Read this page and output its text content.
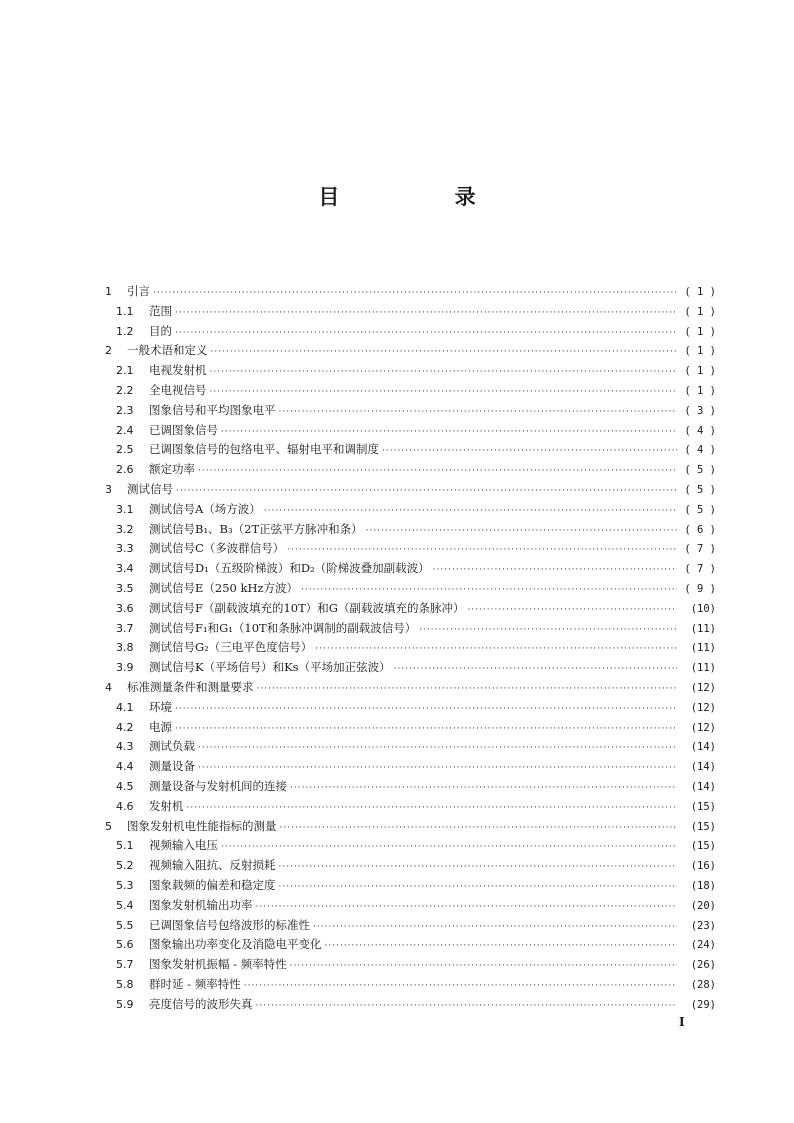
目 录
1	引言 ·····	( 1 )
1.1	范围 ·····	( 1 )
1.2	目的 ·····	( 1 )
2	一般术语和定义 ·····	( 1 )
2.1	电视发射机 ·····	( 1 )
2.2	全电视信号 ·····	( 1 )
2.3	图象信号和平均图象电平 ·····	( 3 )
2.4	已调图象信号 ·····	( 4 )
2.5	已调图象信号的包络电平、辐射电平和调制度 ·····	( 4 )
2.6	额定功率 ·····	( 5 )
3	测试信号 ·····	( 5 )
3.1	测试信号A（场方波） ·····	( 5 )
3.2	测试信号B₁、B₃（2T正弦平方脉冲和条） ·····	( 6 )
3.3	测试信号C（多波群信号） ·····	( 7 )
3.4	测试信号D₁（五级阶梯波）和D₂（阶梯波叠加副载波） ·····	( 7 )
3.5	测试信号E（250 kHz方波） ·····	( 9 )
3.6	测试信号F（副载波填充的10T）和G（副载波填充的条脉冲） ·····	(10)
3.7	测试信号F₁和G₁（10T和条脉冲调制的副载波信号） ·····	(11)
3.8	测试信号G₂（三电平色度信号） ·····	(11)
3.9	测试信号K（平场信号）和Ks（平场加正弦波） ·····	(11)
4	标准测量条件和测量要求 ·····	(12)
4.1	环境 ·····	(12)
4.2	电源 ·····	(12)
4.3	测试负载 ·····	(14)
4.4	测量设备 ·····	(14)
4.5	测量设备与发射机间的连接 ·····	(14)
4.6	发射机 ·····	(15)
5	图象发射机电性能指标的测量 ·····	(15)
5.1	视频输入电压 ·····	(15)
5.2	视频输入阻抗、反射损耗 ·····	(16)
5.3	图象载频的偏差和稳定度 ·····	(18)
5.4	图象发射机输出功率 ·····	(20)
5.5	已调图象信号包络波形的标准性 ·····	(23)
5.6	图象输出功率变化及消隐电平变化 ·····	(24)
5.7	图象发射机振幅 - 频率特性 ·····	(26)
5.8	群时延 - 频率特性 ·····	(28)
5.9	亮度信号的波形失真 ·····	(29)
I
